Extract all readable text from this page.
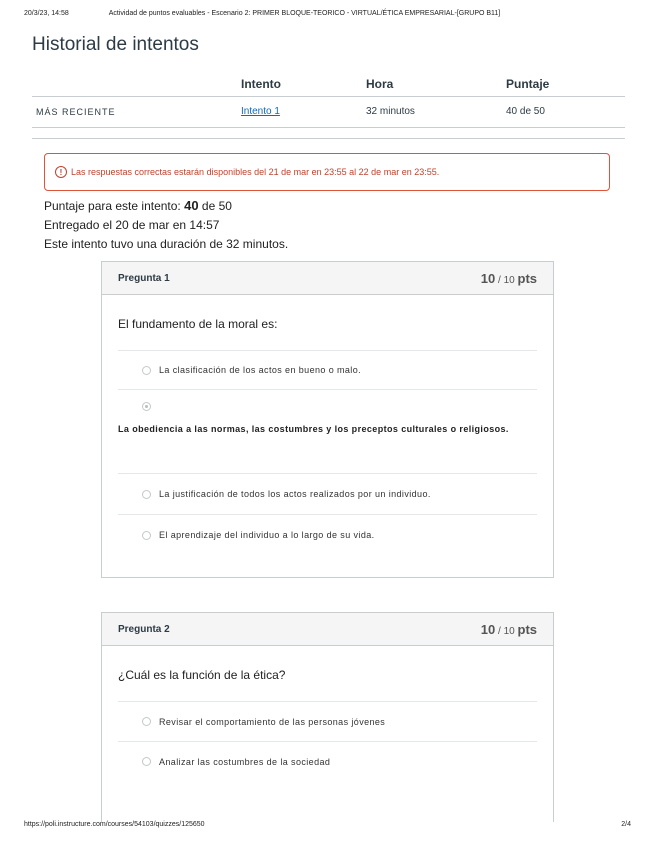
20/3/23, 14:58	Actividad de puntos evaluables - Escenario 2: PRIMER BLOQUE-TEORICO - VIRTUAL/ÉTICA EMPRESARIAL-[GRUPO B11]
Historial de intentos
	Intento	Hora	Puntaje
MÁS RECIENTE	Intento 1	32 minutos	40 de 50
! Las respuestas correctas estarán disponibles del 21 de mar en 23:55 al 22 de mar en 23:55.
Puntaje para este intento: 40 de 50
Entregado el 20 de mar en 14:57
Este intento tuvo una duración de 32 minutos.
Pregunta 1	10 / 10 pts
El fundamento de la moral es:
La clasificación de los actos en bueno o malo.
La obediencia a las normas, las costumbres y los preceptos culturales o religiosos.
La justificación de todos los actos realizados por un individuo.
El aprendizaje del individuo a lo largo de su vida.
Pregunta 2	10 / 10 pts
¿Cuál es la función de la ética?
Revisar el comportamiento de las personas jóvenes
Analizar las costumbres de la sociedad
https://poli.instructure.com/courses/54103/quizzes/125650	2/4
